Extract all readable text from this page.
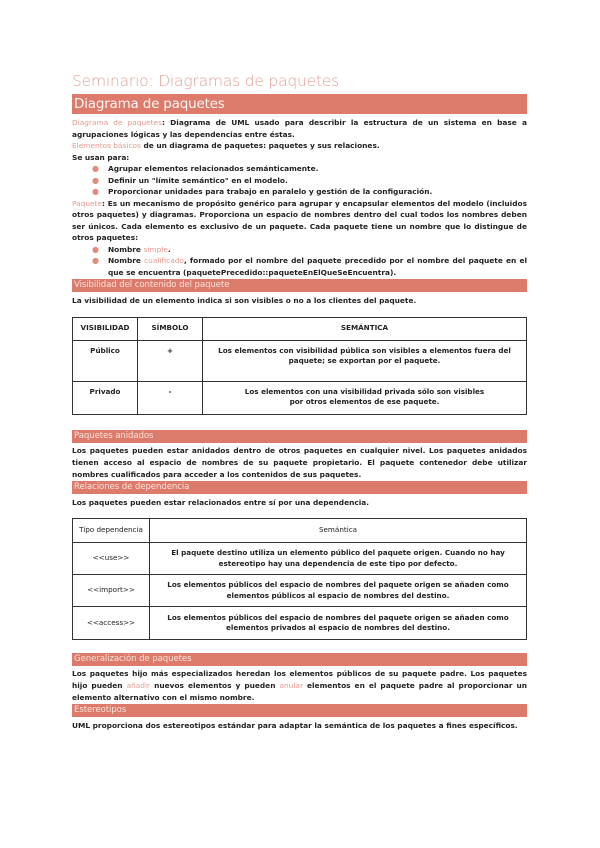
Seminario: Diagramas de paquetes
Diagrama de paquetes

Diagrama de paquetes: Diagrama de UML usado para describir la estructura de un sistema en base a agrupaciones lógicas y las dependencias entre éstas.

Elementos básicos de un diagrama de paquetes: paquetes y sus relaciones.

Se usan para:

● Agrupar elementos relacionados semánticamente.
● Definir un "límite semántico" en el modelo.
● Proporcionar unidades para trabajo en paralelo y gestión de la configuración.

Paquete: Es un mecanismo de propósito genérico para agrupar y encapsular elementos del modelo (incluidos otros paquetes) y diagramas. Proporciona un espacio de nombres dentro del cual todos los nombres deben ser únicos. Cada elemento es exclusivo de un paquete. Cada paquete tiene un nombre que lo distingue de otros paquetes:

● Nombre simple.
● Nombre cualificado, formado por el nombre del paquete precedido por el nombre del paquete en el que se encuentra (paquetePrecedido::paqueteEnElQueSeEncuentra).
Visibilidad del contenido del paquete

La visibilidad de un elemento indica si son visibles o no a los clientes del paquete.

VISIBILIDAD	SÍMBOLO	SEMÁNTICA
Público	+	Los elementos con visibilidad pública son visibles a elementos fuera del paquete; se exportan por el paquete.
Privado	-	Los elementos con una visibilidad privada sólo son visibles por otros elementos de ese paquete.
Paquetes anidados

Los paquetes pueden estar anidados dentro de otros paquetes en cualquier nivel. Los paquetes anidados tienen acceso al espacio de nombres de su paquete propietario. El paquete contenedor debe utilizar nombres cualificados para acceder a los contenidos de sus paquetes.

Relaciones de dependencia

Los paquetes pueden estar relacionados entre sí por una dependencia.

Tipo dependencia	Semántica
<<use>>	El paquete destino utiliza un elemento público del paquete origen. Cuando no hay estereotipo hay una dependencia de este tipo por defecto.
<<import>>	Los elementos públicos del espacio de nombres del paquete origen se añaden como elementos públicos al espacio de nombres del destino.
<<access>>	Los elementos públicos del espacio de nombres del paquete origen se añaden como elementos privados al espacio de nombres del destino.
Generalización de paquetes

Los paquetes hijo más especializados heredan los elementos públicos de su paquete padre. Los paquetes hijo pueden añadir nuevos elementos y pueden anular elementos en el paquete padre al proporcionar un elemento alternativo con el mismo nombre.

Estereotipos

UML proporciona dos estereotipos estándar para adaptar la semántica de los paquetes a fines específicos.
